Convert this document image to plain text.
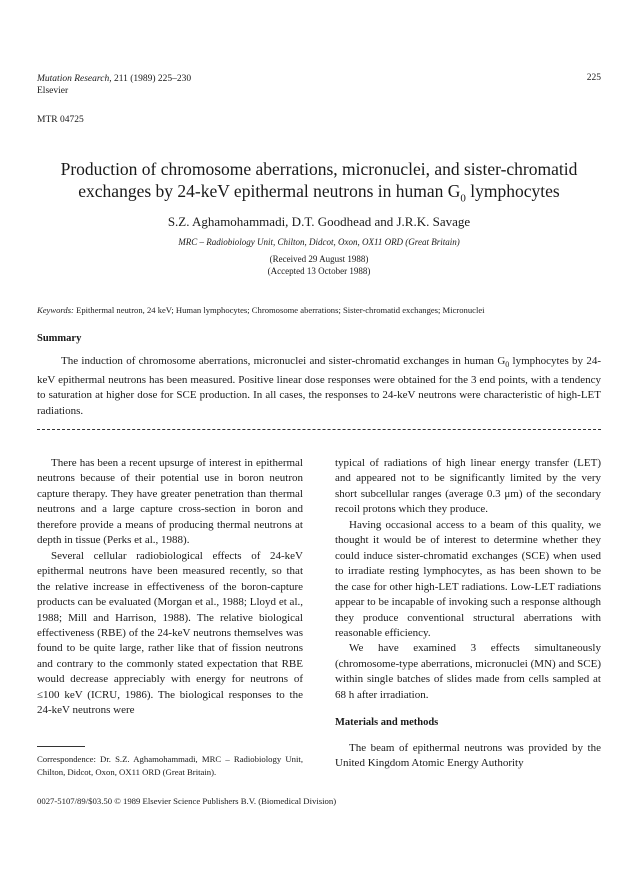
Mutation Research, 211 (1989) 225–230	225
Elsevier
MTR 04725
Production of chromosome aberrations, micronuclei, and sister-chromatid
exchanges by 24-keV epithermal neutrons in human $G_0$ lymphocytes
S.Z. Aghamohammadi, D.T. Goodhead and J.R.K. Savage
MRC – Radiobiology Unit, Chilton, Didcot, Oxon, OX11 ORD (Great Britain)
(Received 29 August 1988)
(Accepted 13 October 1988)
Keywords: Epithermal neutron, 24 keV; Human lymphocytes; Chromosome aberrations; Sister-chromatid exchanges; Micronuclei
Summary
The induction of chromosome aberrations, micronuclei and sister-chromatid exchanges in human $G_0$ lymphocytes by 24-keV epithermal neutrons has been measured. Positive linear dose responses were obtained for the 3 end points, with a tendency to saturation at higher dose for SCE production. In all cases, the responses to 24-keV neutrons were characteristic of high-LET radiations.

There has been a recent upsurge of interest in epithermal neutrons because of their potential use in boron neutron capture therapy. They have greater penetration than thermal neutrons and a large capture cross-section in boron and therefore provide a means of producing thermal neutrons at depth in tissue (Perks et al., 1988).

Several cellular radiobiological effects of 24-keV epithermal neutrons have been measured recently, so that the relative increase in effectiveness of the boron-capture products can be evaluated (Morgan et al., 1988; Lloyd et al., 1988; Mill and Harrison, 1988). The relative biological effectiveness (RBE) of the 24-keV neutrons themselves was found to be quite large, rather like that of fission neutrons and contrary to the commonly stated expectation that RBE would decrease appreciably with energy for neutrons of ≤100 keV (ICRU, 1986). The biological responses to the 24-keV neutrons were

typical of radiations of high linear energy transfer (LET) and appeared not to be significantly limited by the very short subcellular ranges (average 0.3 μm) of the secondary recoil protons which they produce.

Having occasional access to a beam of this quality, we thought it would be of interest to determine whether they could induce sister-chromatid exchanges (SCE) when used to irradiate resting lymphocytes, as has been shown to be the case for other high-LET radiations. Low-LET radiations appear to be incapable of invoking such a response although they produce conventional structural aberrations with reasonable efficiency.

We have examined 3 effects simultaneously (chromosome-type aberrations, micronuclei (MN) and SCE) within single batches of slides made from cells sampled at 68 h after irradiation.

Materials and methods

The beam of epithermal neutrons was provided by the United Kingdom Atomic Energy Authority

Correspondence: Dr. S.Z. Aghamohammadi, MRC – Radiobiology Unit, Chilton, Didcot, Oxon, OX11 ORD (Great Britain).
0027-5107/89/$03.50 © 1989 Elsevier Science Publishers B.V. (Biomedical Division)
